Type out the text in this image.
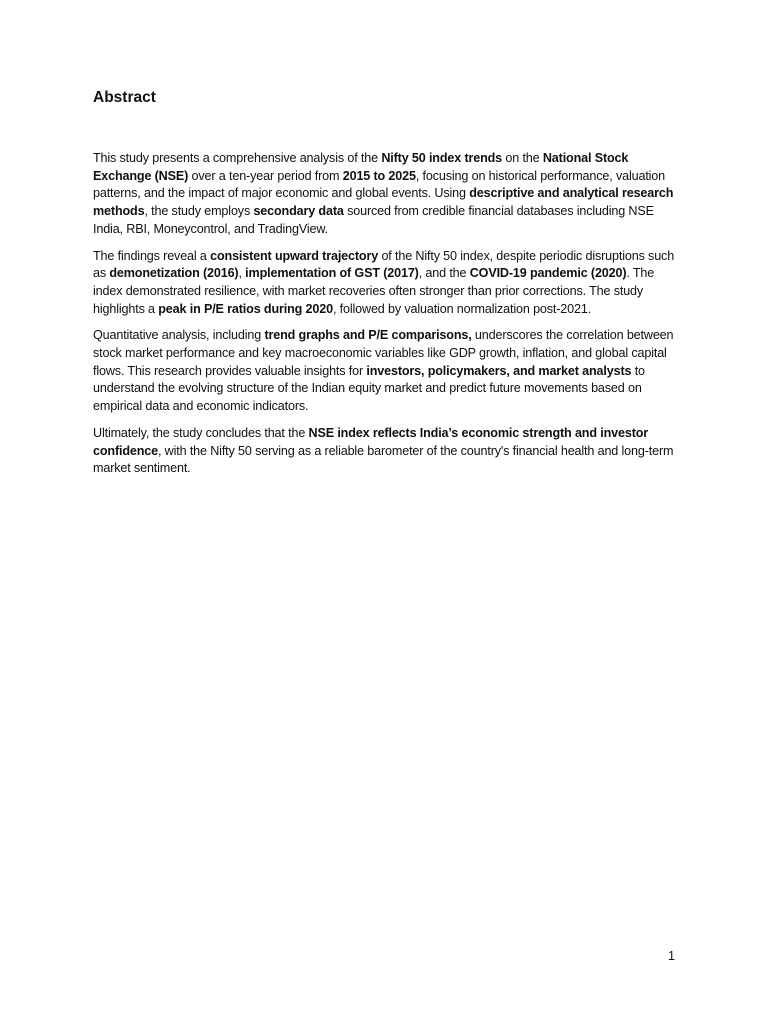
Abstract

This study presents a comprehensive analysis of the Nifty 50 index trends on the National Stock Exchange (NSE) over a ten-year period from 2015 to 2025, focusing on historical performance, valuation patterns, and the impact of major economic and global events. Using descriptive and analytical research methods, the study employs secondary data sourced from credible financial databases including NSE India, RBI, Moneycontrol, and TradingView.

The findings reveal a consistent upward trajectory of the Nifty 50 index, despite periodic disruptions such as demonetization (2016), implementation of GST (2017), and the COVID-19 pandemic (2020). The index demonstrated resilience, with market recoveries often stronger than prior corrections. The study highlights a peak in P/E ratios during 2020, followed by valuation normalization post-2021.

Quantitative analysis, including trend graphs and P/E comparisons, underscores the correlation between stock market performance and key macroeconomic variables like GDP growth, inflation, and global capital flows. This research provides valuable insights for investors, policymakers, and market analysts to understand the evolving structure of the Indian equity market and predict future movements based on empirical data and economic indicators.

Ultimately, the study concludes that the NSE index reflects India’s economic strength and investor confidence, with the Nifty 50 serving as a reliable barometer of the country's financial health and long-term market sentiment.

1
